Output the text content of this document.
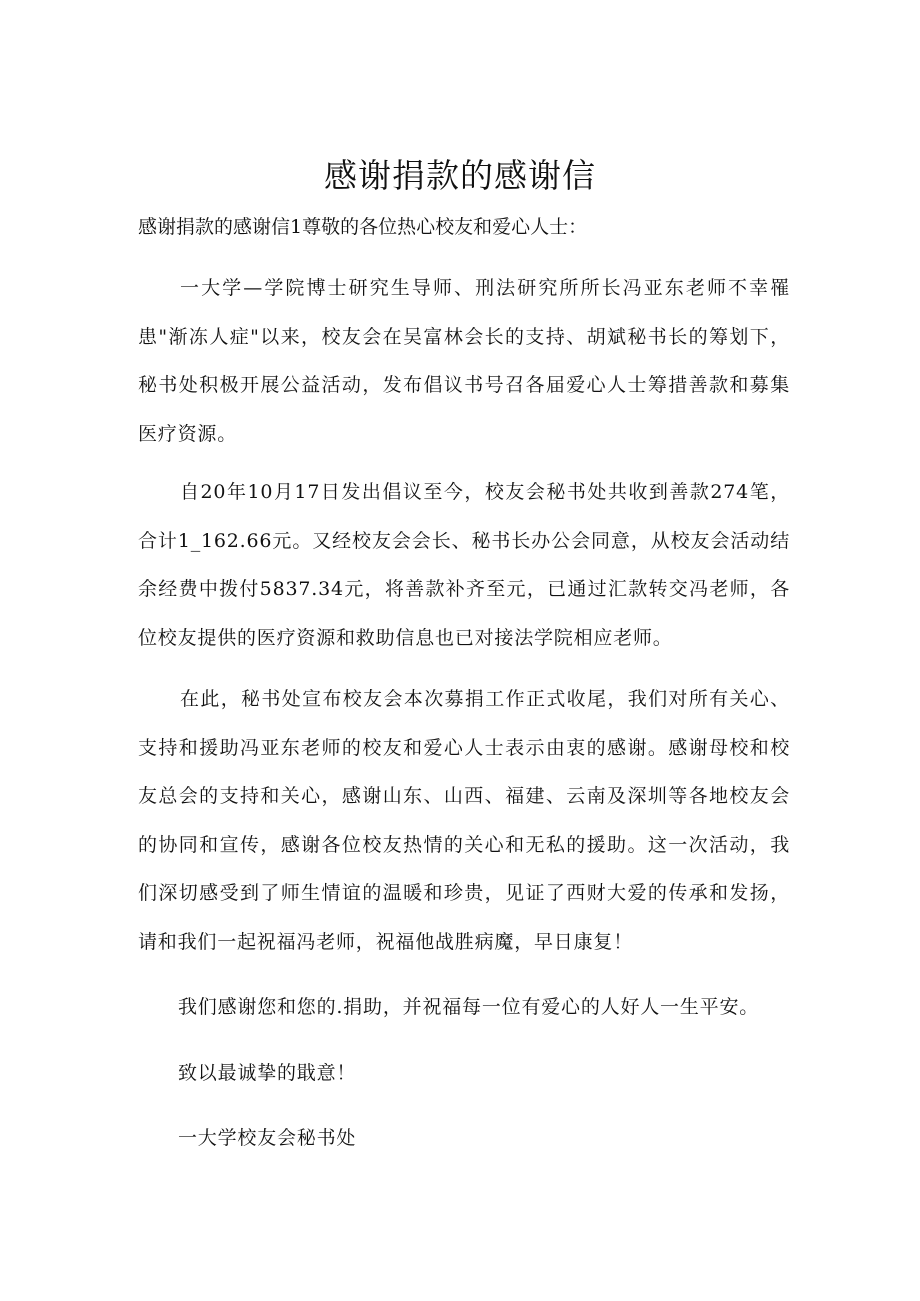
感谢捐款的感谢信

感谢捐款的感谢信1尊敬的各位热心校友和爱心人士：

一大学—学院博士研究生导师、刑法研究所所长冯亚东老师不幸罹患"渐冻人症"以来，校友会在吴富林会长的支持、胡斌秘书长的筹划下，秘书处积极开展公益活动，发布倡议书号召各届爱心人士筹措善款和募集医疗资源。

自20年10月17日发出倡议至今，校友会秘书处共收到善款274笔，合计1_162.66元。又经校友会会长、秘书长办公会同意，从校友会活动结余经费中拨付5837.34元，将善款补齐至元，已通过汇款转交冯老师，各位校友提供的医疗资源和救助信息也已对接法学院相应老师。

在此，秘书处宣布校友会本次募捐工作正式收尾，我们对所有关心、支持和援助冯亚东老师的校友和爱心人士表示由衷的感谢。感谢母校和校友总会的支持和关心，感谢山东、山西、福建、云南及深圳等各地校友会的协同和宣传，感谢各位校友热情的关心和无私的援助。这一次活动，我们深切感受到了师生情谊的温暖和珍贵，见证了西财大爱的传承和发扬，请和我们一起祝福冯老师，祝福他战胜病魔，早日康复！

我们感谢您和您的.捐助，并祝福每一位有爱心的人好人一生平安。

致以最诚挚的戢意！

一大学校友会秘书处
